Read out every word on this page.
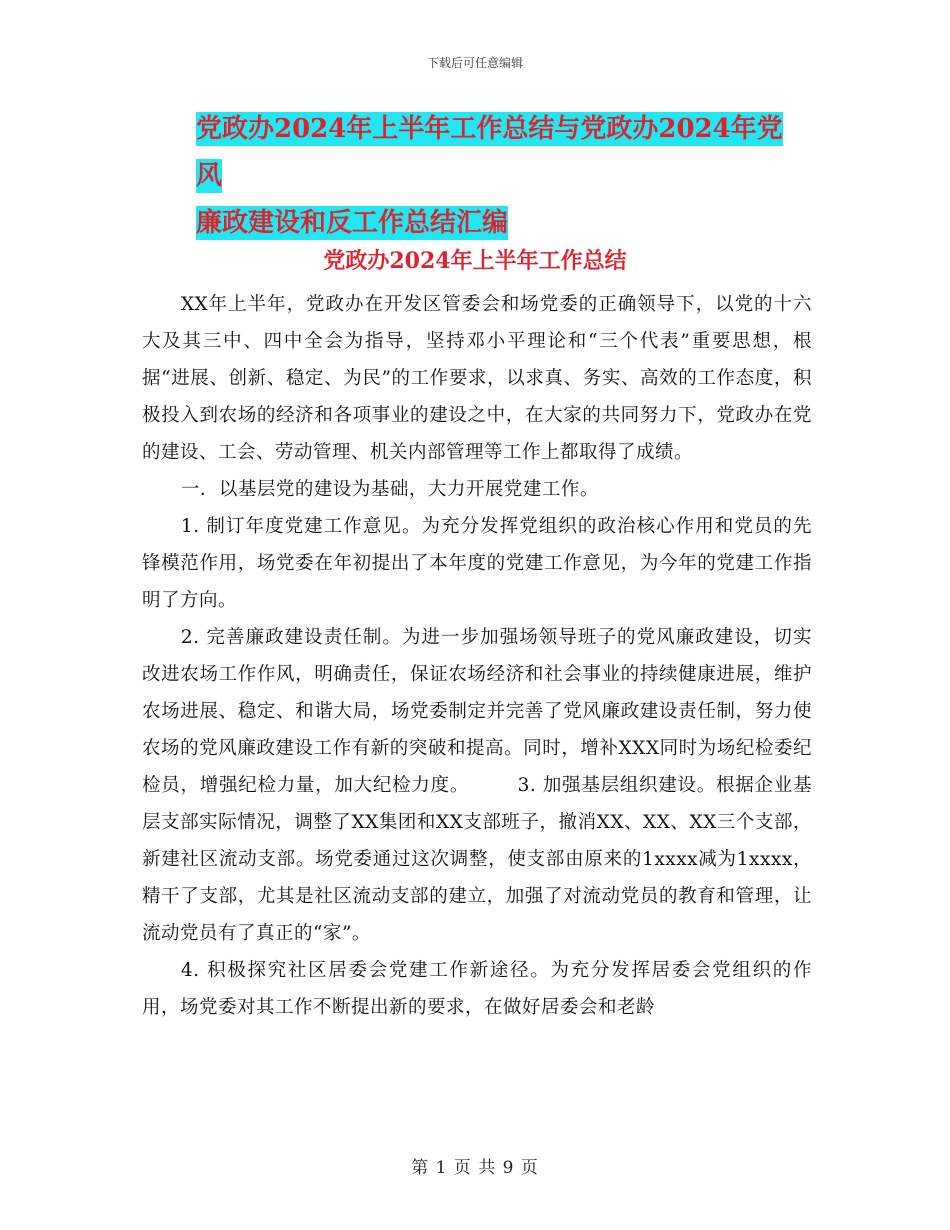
下载后可任意编辑
党政办2024年上半年工作总结与党政办2024年党风
廉政建设和反工作总结汇编
党政办2024年上半年工作总结

XX年上半年，党政办在开发区管委会和场党委的正确领导下，以党的十六大及其三中、四中全会为指导，坚持邓小平理论和“三个代表”重要思想，根据“进展、创新、稳定、为民”的工作要求，以求真、务实、高效的工作态度，积极投入到农场的经济和各项事业的建设之中，在大家的共同努力下，党政办在党的建设、工会、劳动管理、机关内部管理等工作上都取得了成绩。

一．以基层党的建设为基础，大力开展党建工作。

1. 制订年度党建工作意见。为充分发挥党组织的政治核心作用和党员的先锋模范作用，场党委在年初提出了本年度的党建工作意见，为今年的党建工作指明了方向。

2. 完善廉政建设责任制。为进一步加强场领导班子的党风廉政建设，切实改进农场工作作风，明确责任，保证农场经济和社会事业的持续健康进展，维护农场进展、稳定、和谐大局，场党委制定并完善了党风廉政建设责任制，努力使农场的党风廉政建设工作有新的突破和提高。同时，增补XXX同时为场纪检委纪检员，增强纪检力量，加大纪检力度。　　　3. 加强基层组织建设。根据企业基层支部实际情况，调整了XX集团和XX支部班子，撤消XX、XX、XX三个支部，新建社区流动支部。场党委通过这次调整，使支部由原来的1xxxx减为1xxxx，精干了支部，尤其是社区流动支部的建立，加强了对流动党员的教育和管理，让流动党员有了真正的“家”。

4. 积极探究社区居委会党建工作新途径。为充分发挥居委会党组织的作用，场党委对其工作不断提出新的要求，在做好居委会和老龄

第 1 页 共 9 页
